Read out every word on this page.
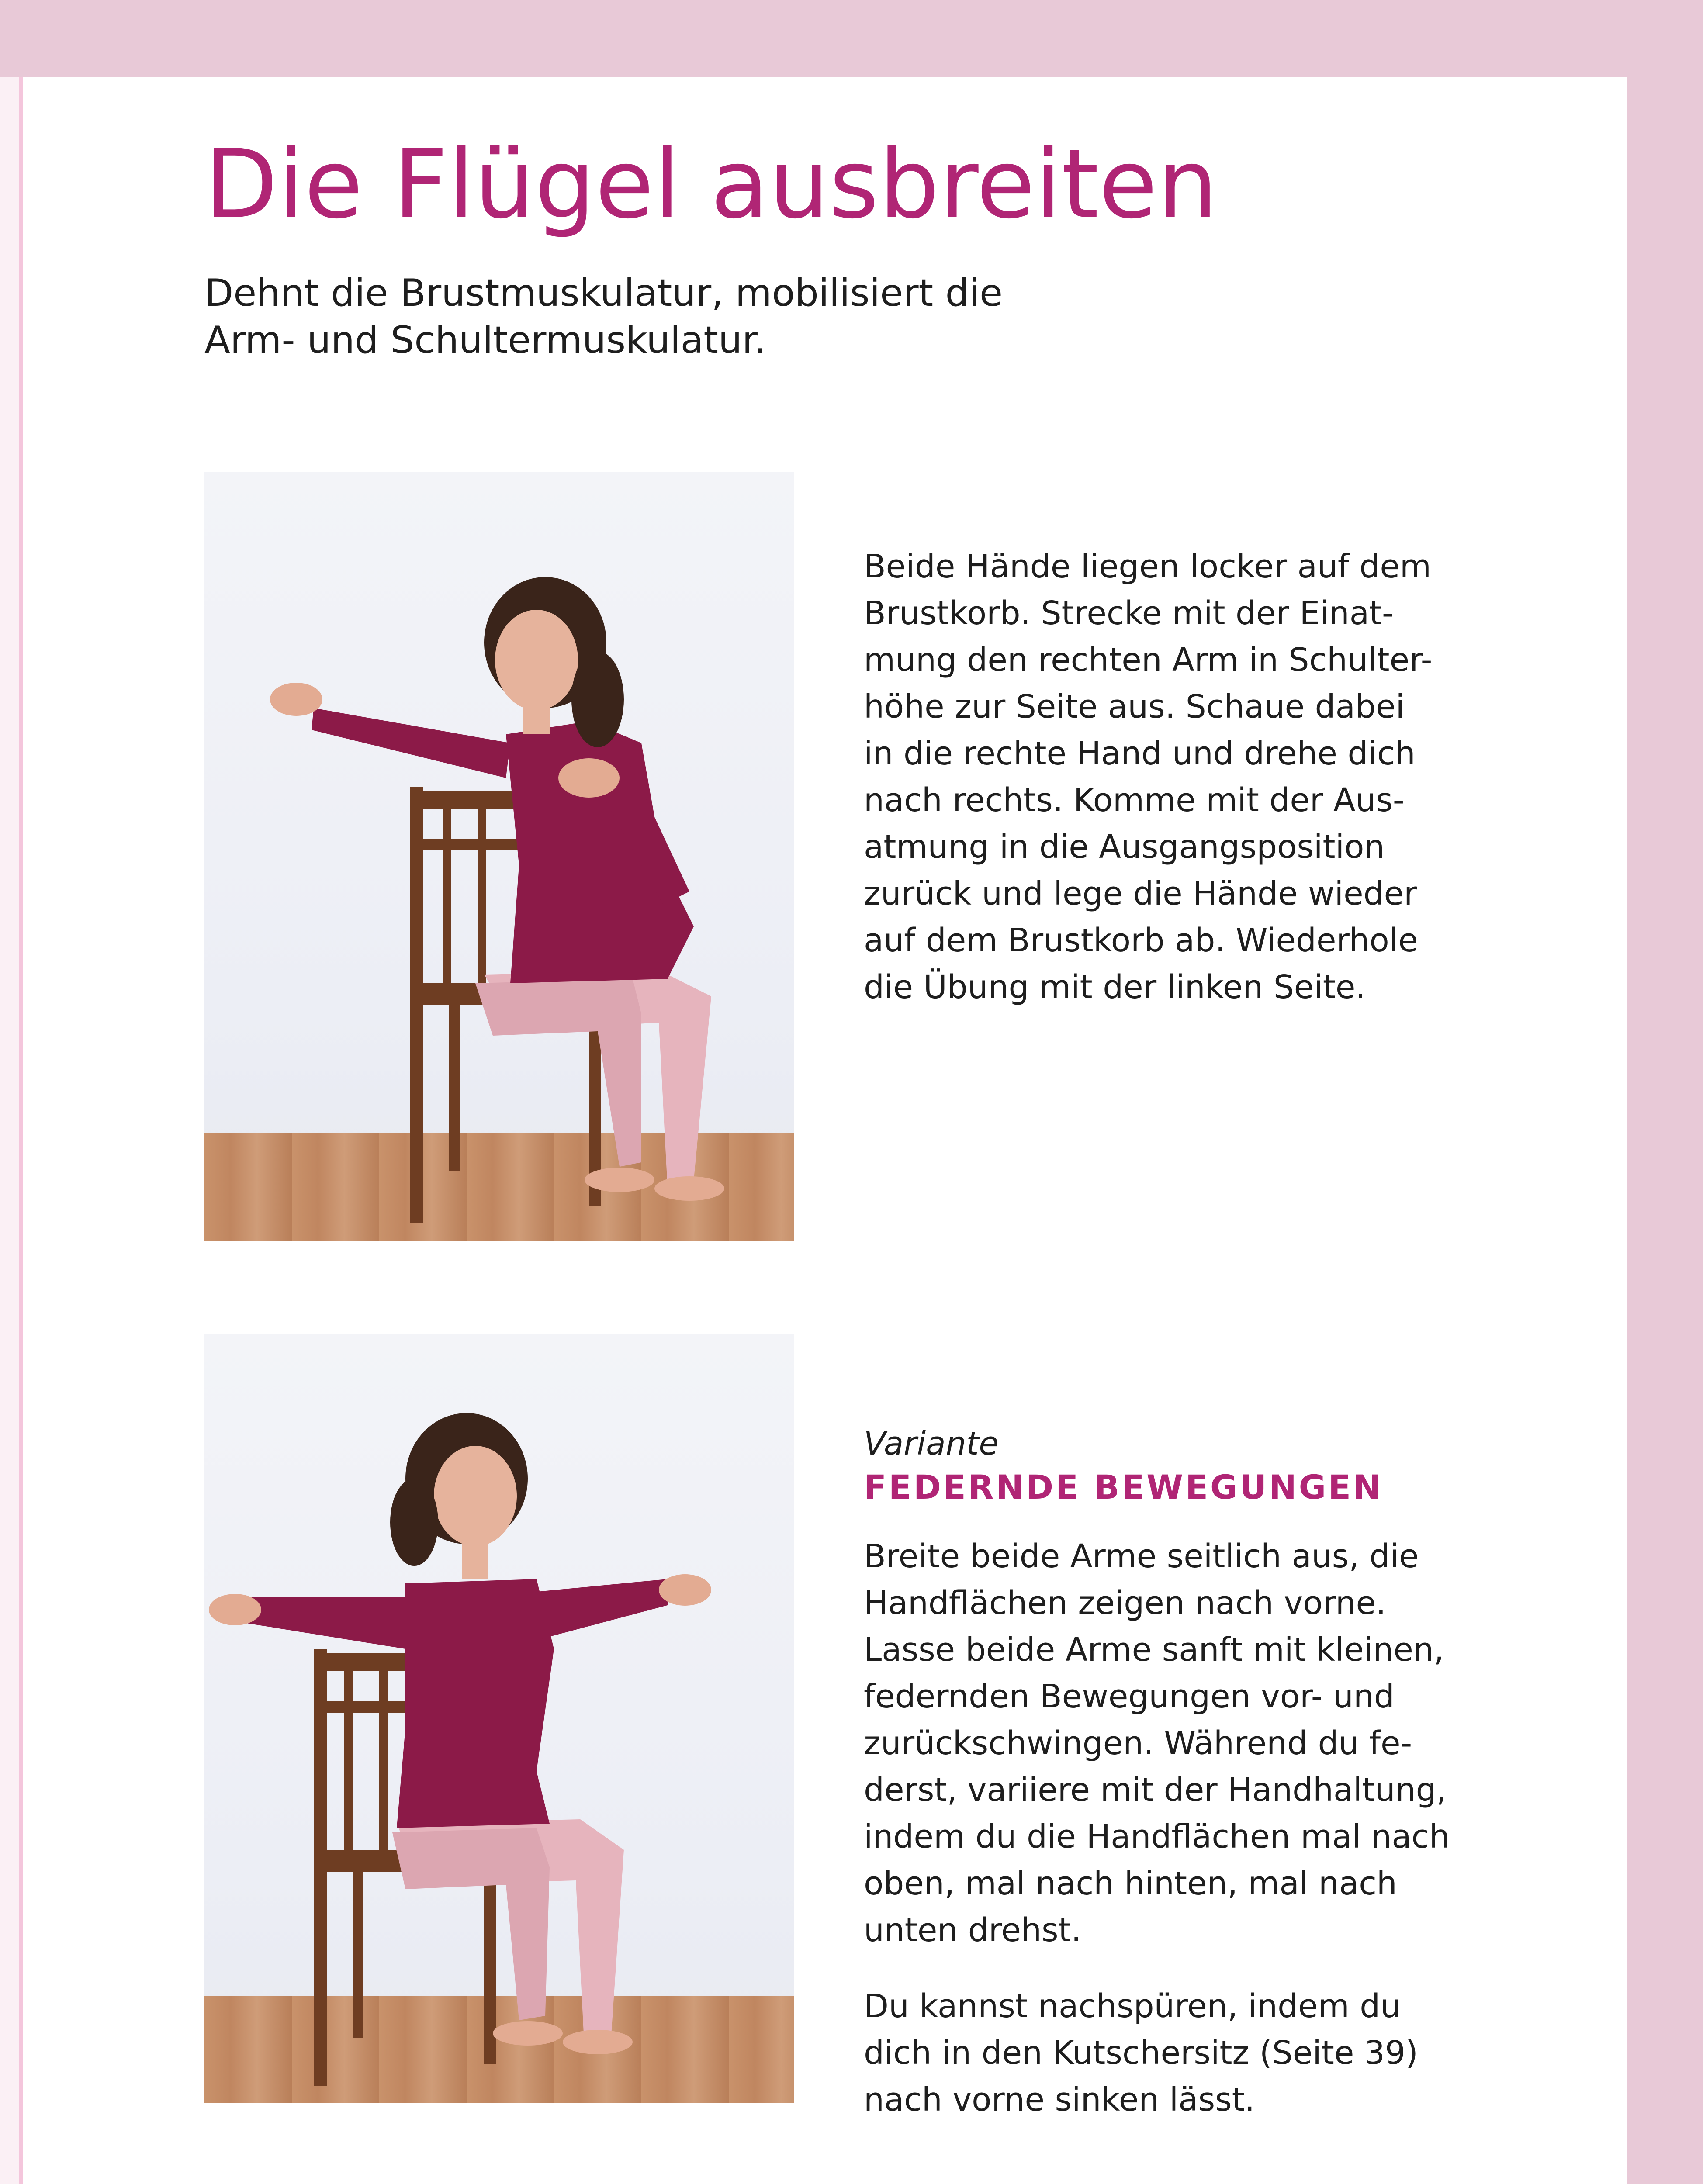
Die Flügel ausbreiten

Dehnt die Brustmuskulatur, mobilisiert die
Arm- und Schultermuskulatur.

Beide Hände liegen locker auf dem
Brustkorb. Strecke mit der Einat-
mung den rechten Arm in Schulter-
höhe zur Seite aus. Schaue dabei
in die rechte Hand und drehe dich
nach rechts. Komme mit der Aus-
atmung in die Ausgangsposition
zurück und lege die Hände wieder
auf dem Brustkorb ab. Wiederhole
die Übung mit der linken Seite.

Variante

FEDERNDE BEWEGUNGEN

Breite beide Arme seitlich aus, die
Handflächen zeigen nach vorne.
Lasse beide Arme sanft mit kleinen,
federnden Bewegungen vor- und
zurückschwingen. Während du fe-
derst, variiere mit der Handhaltung,
indem du die Handflächen mal nach
oben, mal nach hinten, mal nach
unten drehst.
Du kannst nachspüren, indem du
dich in den Kutschersitz (Seite 39)
nach vorne sinken lässt.
